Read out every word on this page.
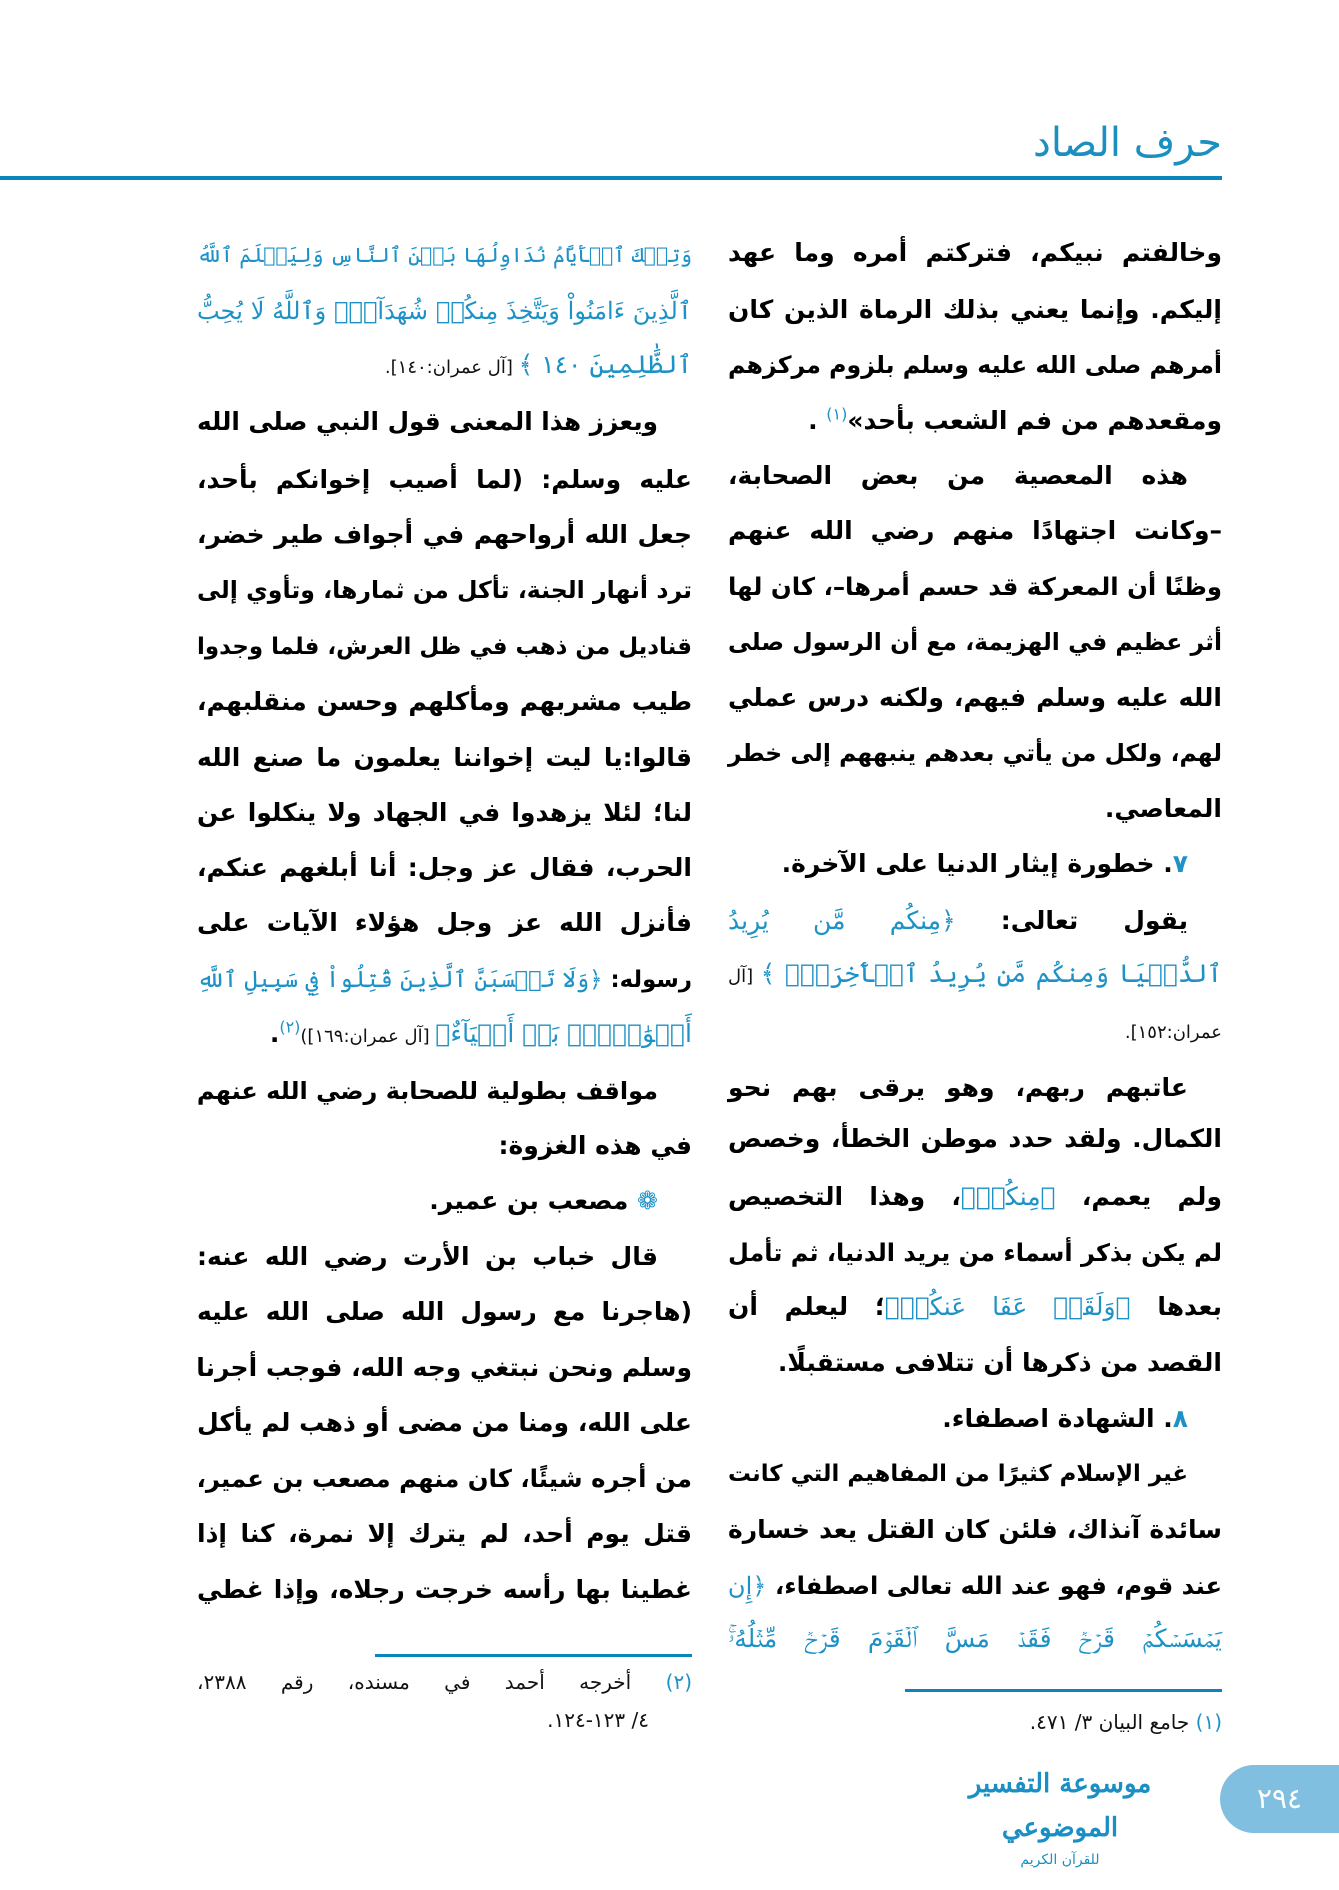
حرف الصاد
وخالفتم نبيكم، فتركتم أمره وما عهد
إليكم. وإنما يعني بذلك الرماة الذين كان
أمرهم صلى الله عليه وسلم بلزوم مركزهم
ومقعدهم من فم الشعب بأحد»$^{(١)}$ .
هذه المعصية من بعض الصحابة،
–وكانت اجتهادًا منهم رضي الله عنهم
وظنًا أن المعركة قد حسم أمرها–، كان لها
أثر عظيم في الهزيمة، مع أن الرسول صلى
الله عليه وسلم فيهم، ولكنه درس عملي
لهم، ولكل من يأتي بعدهم ينبههم إلى خطر
المعاصي.
٧. خطورة إيثار الدنيا على الآخرة.
يقول تعالى: ﴿مِنكُم مَّن يُرِيدُ
ٱلدُّنۡيَا وَمِنكُم مَّن يُرِيدُ ٱلۡأٓخِرَةَۚ ﴾ [آل
عمران:١٥٢].
عاتبهم ربهم، وهو يرقى بهم نحو
الكمال. ولقد حدد موطن الخطأ، وخصص
ولم يعمم، ﴿مِنكُمۡ﴾، وهذا التخصيص
لم يكن بذكر أسماء من يريد الدنيا، ثم تأمل
بعدها ﴿وَلَقَدۡ عَفَا عَنكُمۡ﴾؛ ليعلم أن
القصد من ذكرها أن تتلافى مستقبلًا.
٨. الشهادة اصطفاء.
غير الإسلام كثيرًا من المفاهيم التي كانت
سائدة آنذاك، فلئن كان القتل يعد خسارة
عند قوم، فهو عند الله تعالى اصطفاء، ﴿إِن
يَمۡسَسۡكُمۡ قَرۡحٞ فَقَدۡ مَسَّ ٱلۡقَوۡمَ قَرۡحٞ مِّثۡلُهُۥۚ
وَتِلۡكَ ٱلۡأَيَّامُ نُدَاوِلُهَا بَيۡنَ ٱلنَّاسِ وَلِيَعۡلَمَ ٱللَّهُ
ٱلَّذِينَ ءَامَنُواْ وَيَتَّخِذَ مِنكُمۡ شُهَدَآءَۗ وَٱللَّهُ لَا يُحِبُّ
ٱلظَّٰلِمِينَ ١٤٠ ﴾ [آل عمران:١٤٠].
ويعزز هذا المعنى قول النبي صلى الله
عليه وسلم: (لما أصيب إخوانكم بأحد،
جعل الله أرواحهم في أجواف طير خضر،
ترد أنهار الجنة، تأكل من ثمارها، وتأوي إلى
قناديل من ذهب في ظل العرش، فلما وجدوا
طيب مشربهم ومأكلهم وحسن منقلبهم،
قالوا:يا ليت إخواننا يعلمون ما صنع الله
لنا؛ لئلا يزهدوا في الجهاد ولا ينكلوا عن
الحرب، فقال عز وجل: أنا أبلغهم عنكم،
فأنزل الله عز وجل هؤلاء الآيات على
رسوله: ﴿وَلَا تَحۡسَبَنَّ ٱلَّذِينَ قُتِلُواْ فِي سَبِيلِ ٱللَّهِ
أَمۡوَٰتَۢاۚ بَلۡ أَحۡيَآءٌ﴾ [آل عمران:١٦٩])$^{(٢)}$.
مواقف بطولية للصحابة رضي الله عنهم
في هذه الغزوة:
❁ مصعب بن عمير.
قال خباب بن الأرت رضي الله عنه:
(هاجرنا مع رسول الله صلى الله عليه
وسلم ونحن نبتغي وجه الله، فوجب أجرنا
على الله، ومنا من مضى أو ذهب لم يأكل
من أجره شيئًا، كان منهم مصعب بن عمير،
قتل يوم أحد، لم يترك إلا نمرة، كنا إذا
غطينا بها رأسه خرجت رجلاه، وإذا غطي
(١) جامع البيان ٣/ ٤٧١.
(٢) أخرجه أحمد في مسنده، رقم ٢٣٨٨،
٤/ ١٢٣-١٢٤.
موسوعة التفسير الموضوعي
للقرآن الكريم
٢٩٤
